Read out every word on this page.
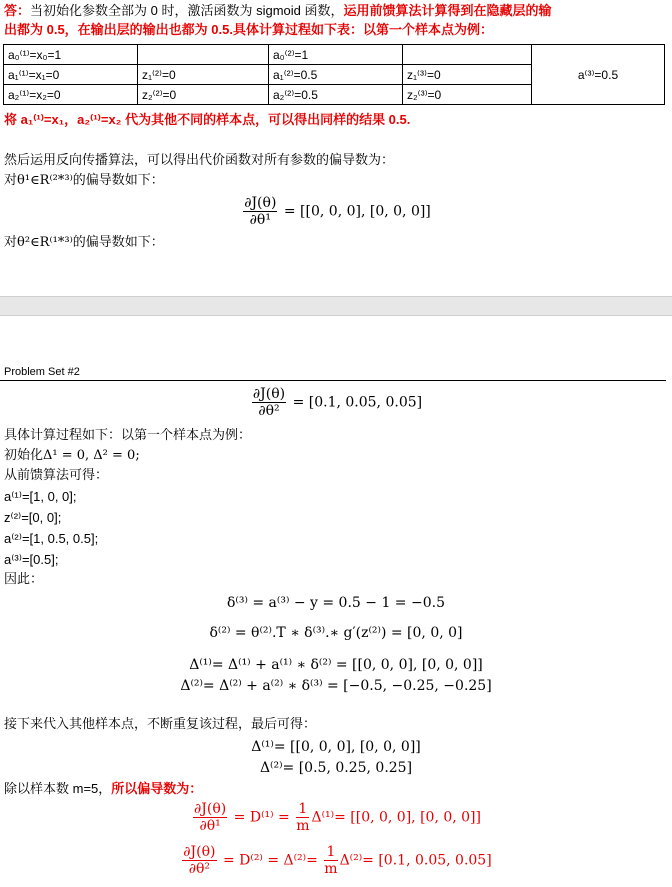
答：当初始化参数全部为 0 时，激活函数为 sigmoid 函数，运用前馈算法计算得到在隐藏层的输
出都为 0.5，在输出层的输出也都为 0.5.具体计算过程如下表：以第一个样本点为例：
a₀⁽¹⁾=x₀=1		a₀⁽²⁾=1		a⁽³⁾=0.5
a₁⁽¹⁾=x₁=0	z₁⁽²⁾=0	a₁⁽²⁾=0.5	z₁⁽³⁾=0	
a₂⁽¹⁾=x₂=0	z₂⁽²⁾=0	a₂⁽²⁾=0.5	z₂⁽³⁾=0	
将 a₁⁽¹⁾=x₁，a₂⁽¹⁾=x₂ 代为其他不同的样本点，可以得出同样的结果 0.5.
然后运用反向传播算法，可以得出代价函数对所有参数的偏导数为：
对θ¹∈R⁽²*³⁾的偏导数如下：
$\frac{\partial J(\theta)}{\text{∂θ¹}} = [[0$, 0, 0], [0, 0, 0]]
对θ²∈R⁽¹*³⁾的偏导数如下：
Problem Set #2
$\frac{\partial J(\theta)}{\text{∂θ²}} = [0.1$, 0.05, 0.05]
具体计算过程如下：以第一个样本点为例：
初始化Δ¹ = 0, Δ² = 0;
从前馈算法可得：
a⁽¹⁾=[1, 0, 0];
z⁽²⁾=[0, 0];
a⁽²⁾=[1, 0.5, 0.5];
a⁽³⁾=[0.5];
因此：
δ⁽³⁾ = a⁽³⁾ − y = 0.5 − 1 = −0.5
δ⁽²⁾ = θ⁽²⁾.T ∗ δ⁽³⁾.∗ g′(z⁽²⁾) = [0, 0, 0]
Δ⁽¹⁾= Δ⁽¹⁾ + a⁽¹⁾ ∗ δ⁽²⁾ = [[0, 0, 0], [0, 0, 0]]
Δ⁽²⁾= Δ⁽²⁾ + a⁽²⁾ ∗ δ⁽³⁾ = [−0.5, −0.25, −0.25]
接下来代入其他样本点，不断重复该过程，最后可得：
Δ⁽¹⁾= [[0, 0, 0], [0, 0, 0]]
Δ⁽²⁾= [0.5, 0.25, 0.25]
除以样本数 m=5，所以偏导数为：
$\frac{\partial J(\theta)}{\text{∂θ¹}} = D^{(1)} = \frac{1}{m} \Delta^{(1)}= [[0$, 0, 0], [0, 0, 0]]
$\frac{\partial J(\theta)}{\text{∂θ²}} = D^{(2)} = \Delta^{(2)}= \frac{1}{m} \Delta^{(2)}= [0.1$, 0.05, 0.05]
